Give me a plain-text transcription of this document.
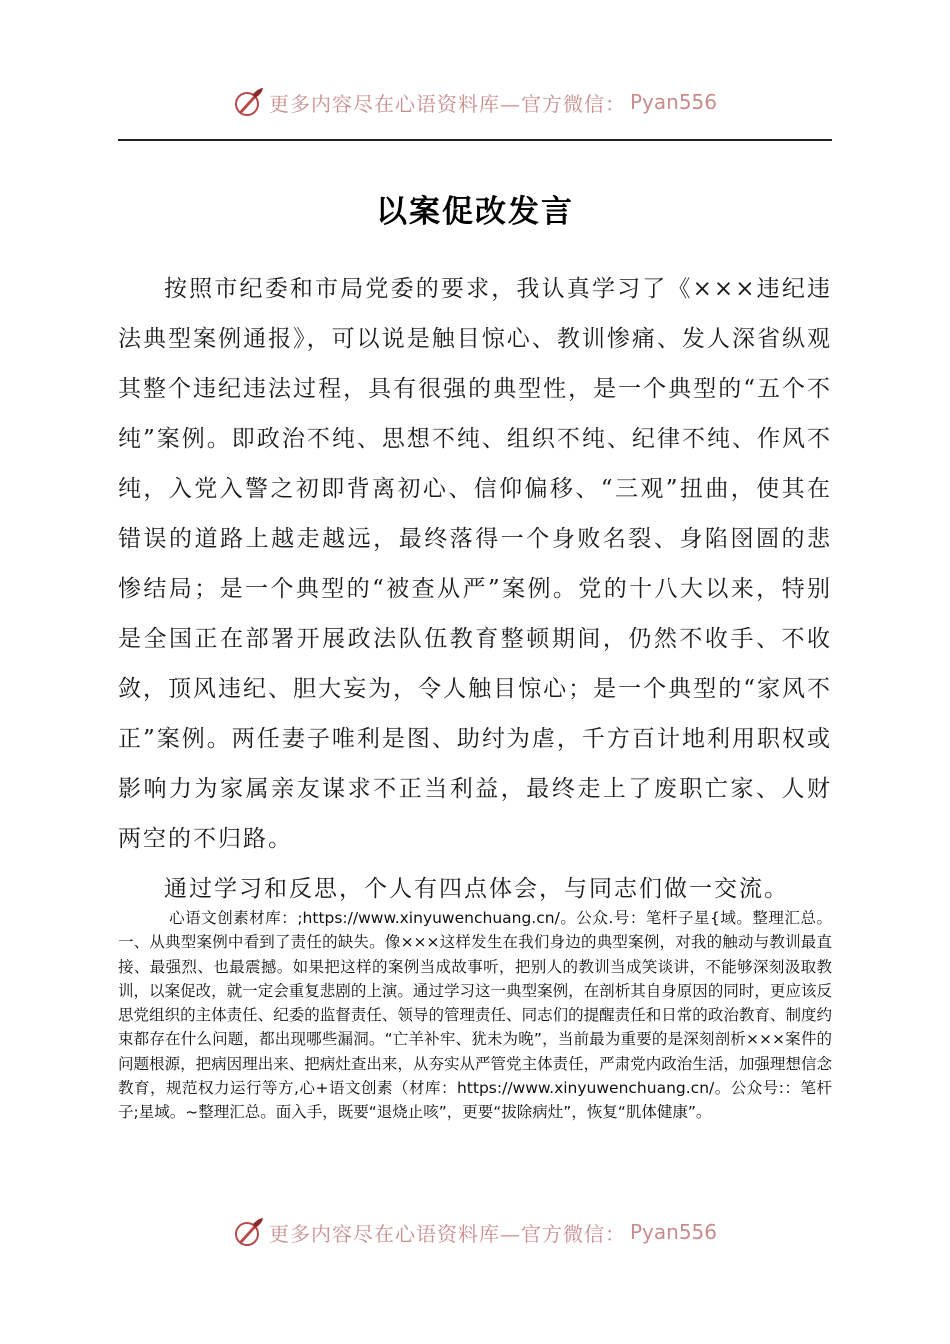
更多内容尽在心语资料库—官方微信： Pyan556
以案促改发言

按照市纪委和市局党委的要求，我认真学习了《×××违纪违法典型案例通报》，可以说是触目惊心、教训惨痛、发人深省纵观其整个违纪违法过程，具有很强的典型性，是一个典型的“五个不纯”案例。即政治不纯、思想不纯、组织不纯、纪律不纯、作风不纯，入党入警之初即背离初心、信仰偏移、“三观”扭曲，使其在错误的道路上越走越远，最终落得一个身败名裂、身陷囹圄的悲惨结局；是一个典型的“被查从严”案例。党的十八大以来，特别是全国正在部署开展政法队伍教育整顿期间，仍然不收手、不收敛，顶风违纪、胆大妄为，令人触目惊心；是一个典型的“家风不正”案例。两任妻子唯利是图、助纣为虐，千方百计地利用职权或影响力为家属亲友谋求不正当利益，最终走上了废职亡家、人财两空的不归路。

通过学习和反思，个人有四点体会，与同志们做一交流。

心语文创素材库：;https://www.xinyuwenchuang.cn/。公众.号：笔杆子星{域。整理汇总。一、从典型案例中看到了责任的缺失。像×××这样发生在我们身边的典型案例，对我的触动与教训最直接、最强烈、也最震撼。如果把这样的案例当成故事听，把别人的教训当成笑谈讲，不能够深刻汲取教训，以案促改，就一定会重复悲剧的上演。通过学习这一典型案例，在剖析其自身原因的同时，更应该反思党组织的主体责任、纪委的监督责任、领导的管理责任、同志们的提醒责任和日常的政治教育、制度约束都存在什么问题，都出现哪些漏洞。“亡羊补牢、犹未为晚”，当前最为重要的是深刻剖析×××案件的问题根源，把病因理出来、把病灶查出来，从夯实从严管党主体责任，严肃党内政治生活，加强理想信念教育，规范权力运行等方,心+语文创素（材库：https://www.xinyuwenchuang.cn/。公众号:：笔杆子;星域。~整理汇总。面入手，既要“退烧止咳”，更要“拔除病灶”，恢复“肌体健康”。

更多内容尽在心语资料库—官方微信： Pyan556
